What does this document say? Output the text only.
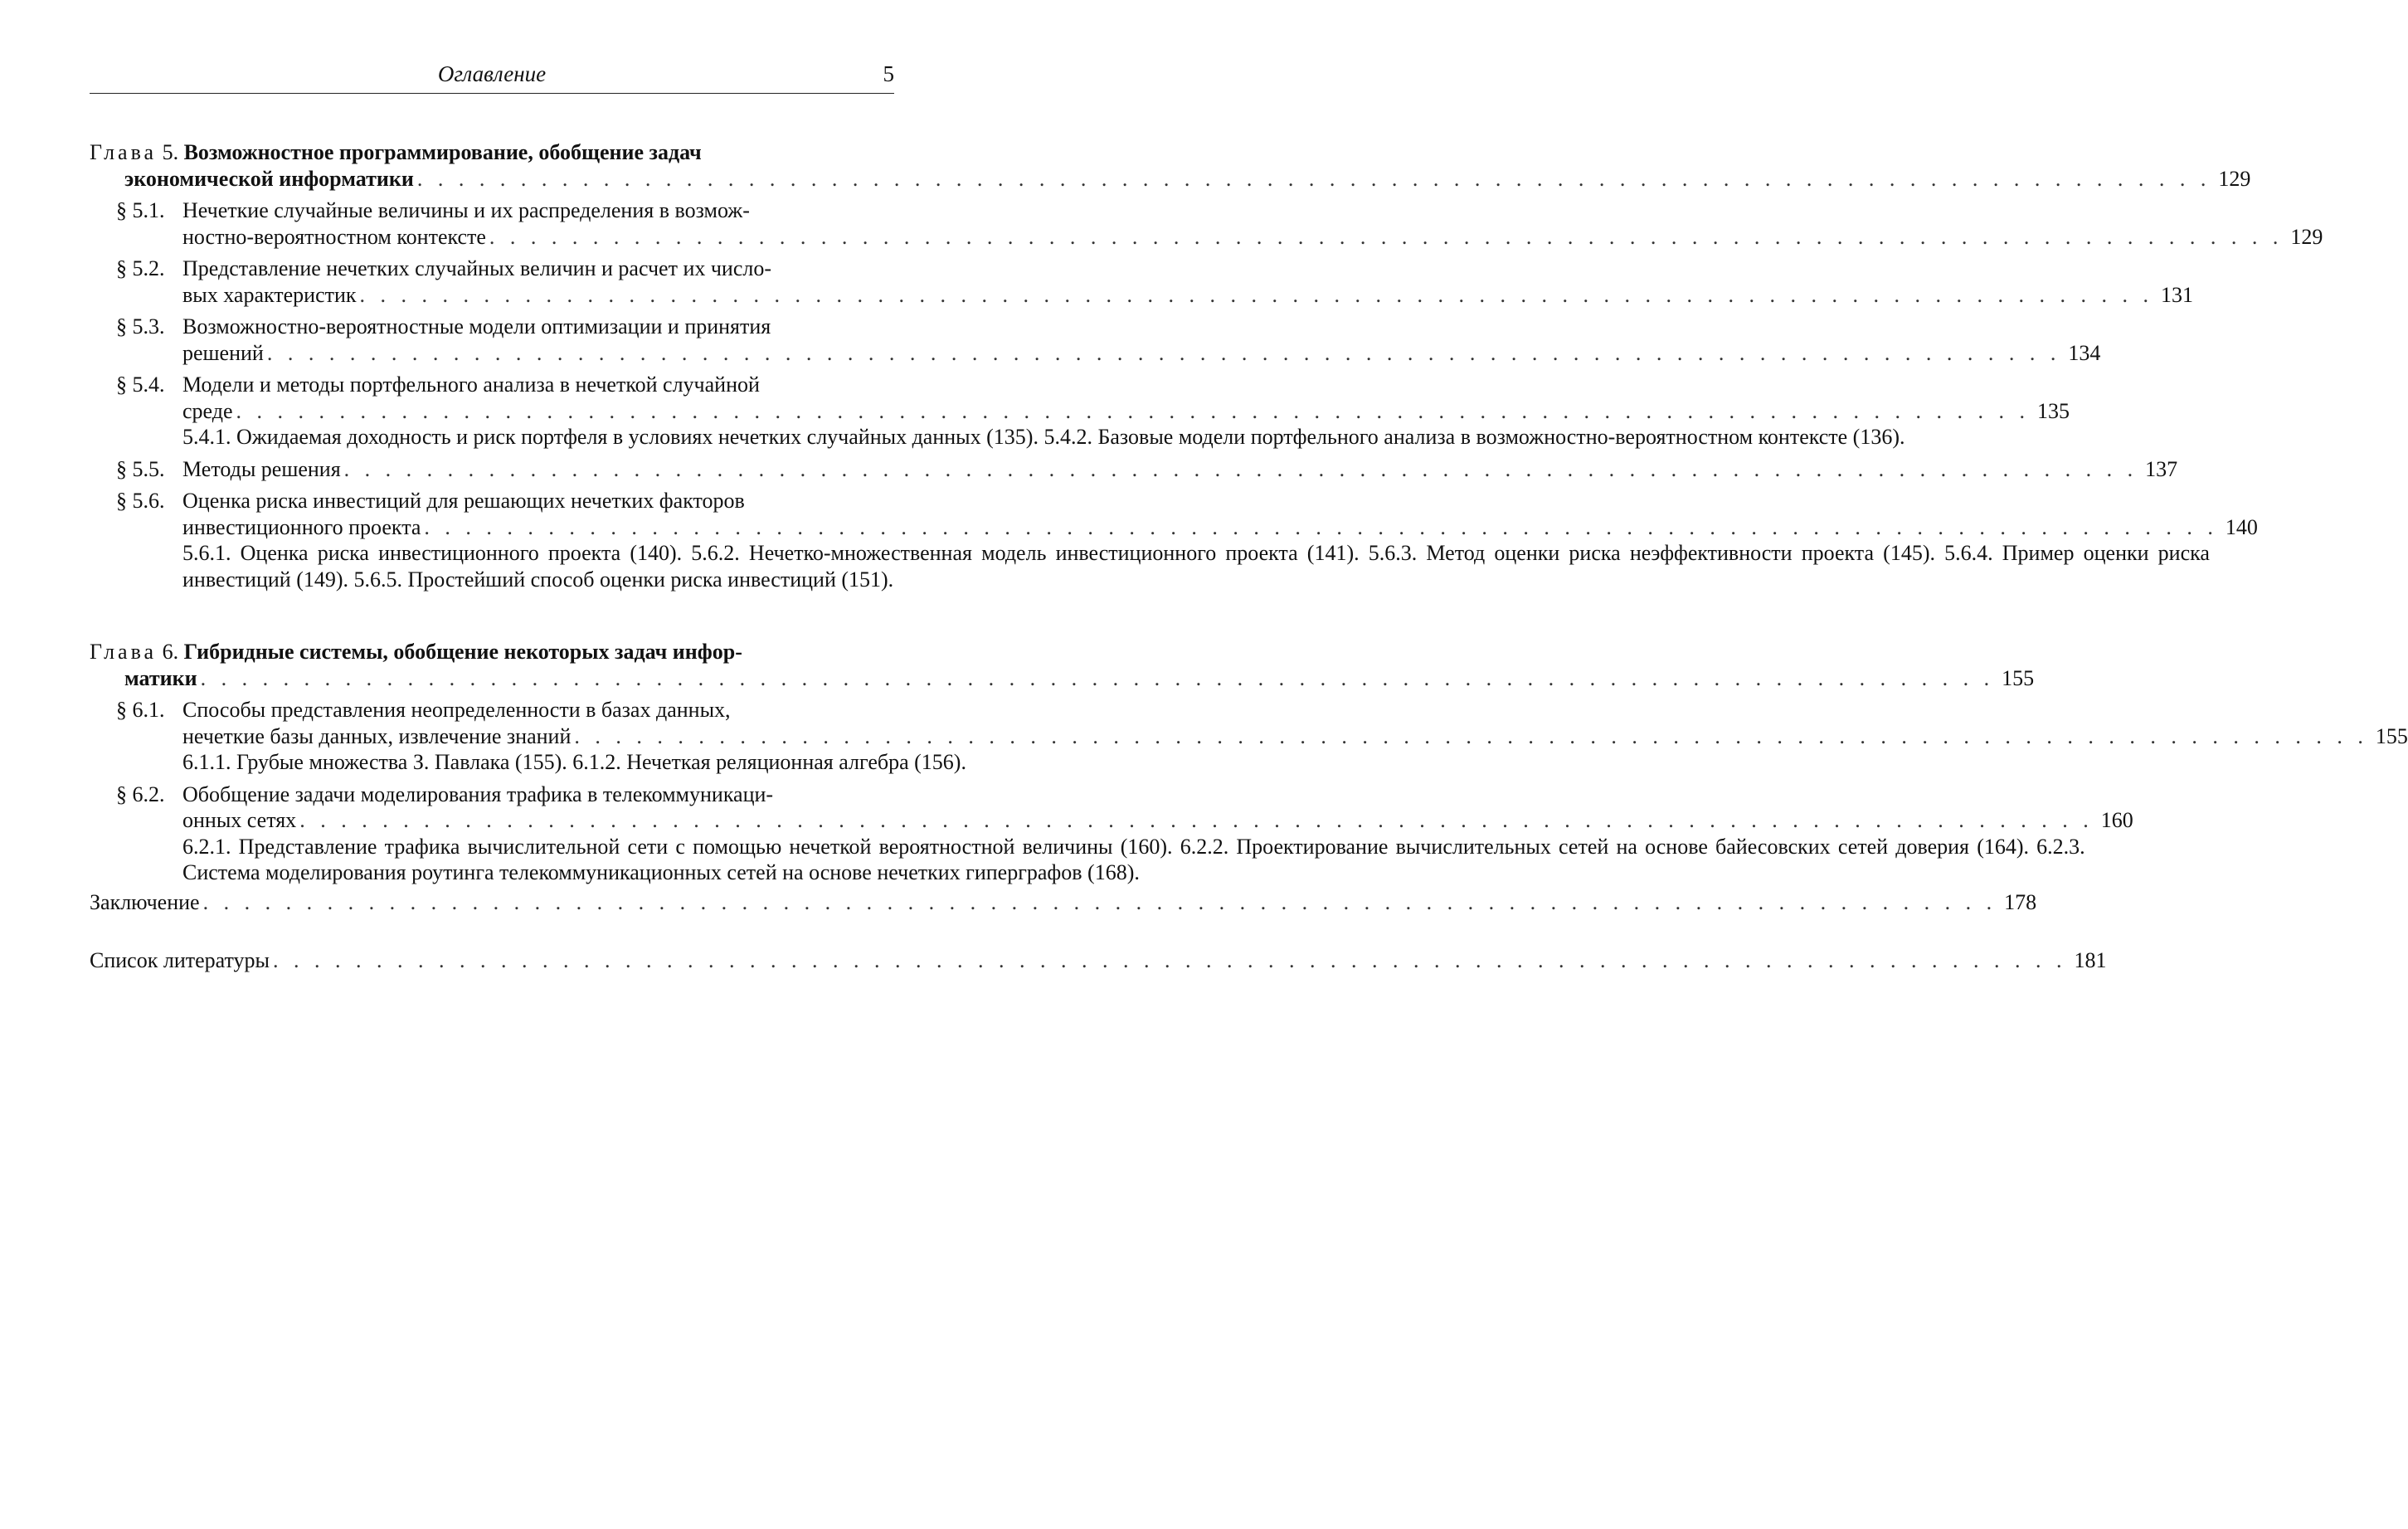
Оглавление	5
Глава
5.
Возможностное программирование, обобщение задач
экономической информатики . . .	129
§ 5.1. Нечеткие случайные величины и их распределения в возмож-
ностно-вероятностном контексте . . .	129
§ 5.2. Представление нечетких случайных величин и расчет их число-
вых характеристик . . .	131
§ 5.3. Возможностно-вероятностные модели оптимизации и принятия
решений . . .	134
§ 5.4. Модели и методы портфельного анализа в нечеткой случайной
среде . . .	135
5.4.1. Ожидаемая доходность и риск портфеля в условиях нечетких случайных данных (135). 5.4.2. Базовые модели портфельного анализа в возможностно-вероятностном контексте (136).
§ 5.5. Методы решения . . .	137
§ 5.6. Оценка риска инвестиций для решающих нечетких факторов
инвестиционного проекта . . .	140
5.6.1. Оценка риска инвестиционного проекта (140). 5.6.2. Нечетко-множественная модель инвестиционного проекта (141). 5.6.3. Метод оценки риска неэффективности проекта (145). 5.6.4. Пример оценки риска инвестиций (149). 5.6.5. Простейший способ оценки риска инвестиций (151).
Глава
6.
Гибридные системы, обобщение некоторых задач инфор-
матики . . .	155
§ 6.1. Способы представления неопределенности в базах данных,
нечеткие базы данных, извлечение знаний . . .	155
6.1.1. Грубые множества З. Павлака (155). 6.1.2. Нечеткая реляционная алгебра (156).
§ 6.2. Обобщение задачи моделирования трафика в телекоммуникаци-
онных сетях . . .	160
6.2.1. Представление трафика вычислительной сети с помощью нечеткой вероятностной величины (160). 6.2.2. Проектирование вычислительных сетей на основе байесовских сетей доверия (164). 6.2.3. Система моделирования роутинга телекоммуникационных сетей на основе нечетких гиперграфов (168).
Заключение . . .	178
Список литературы . . .	181
